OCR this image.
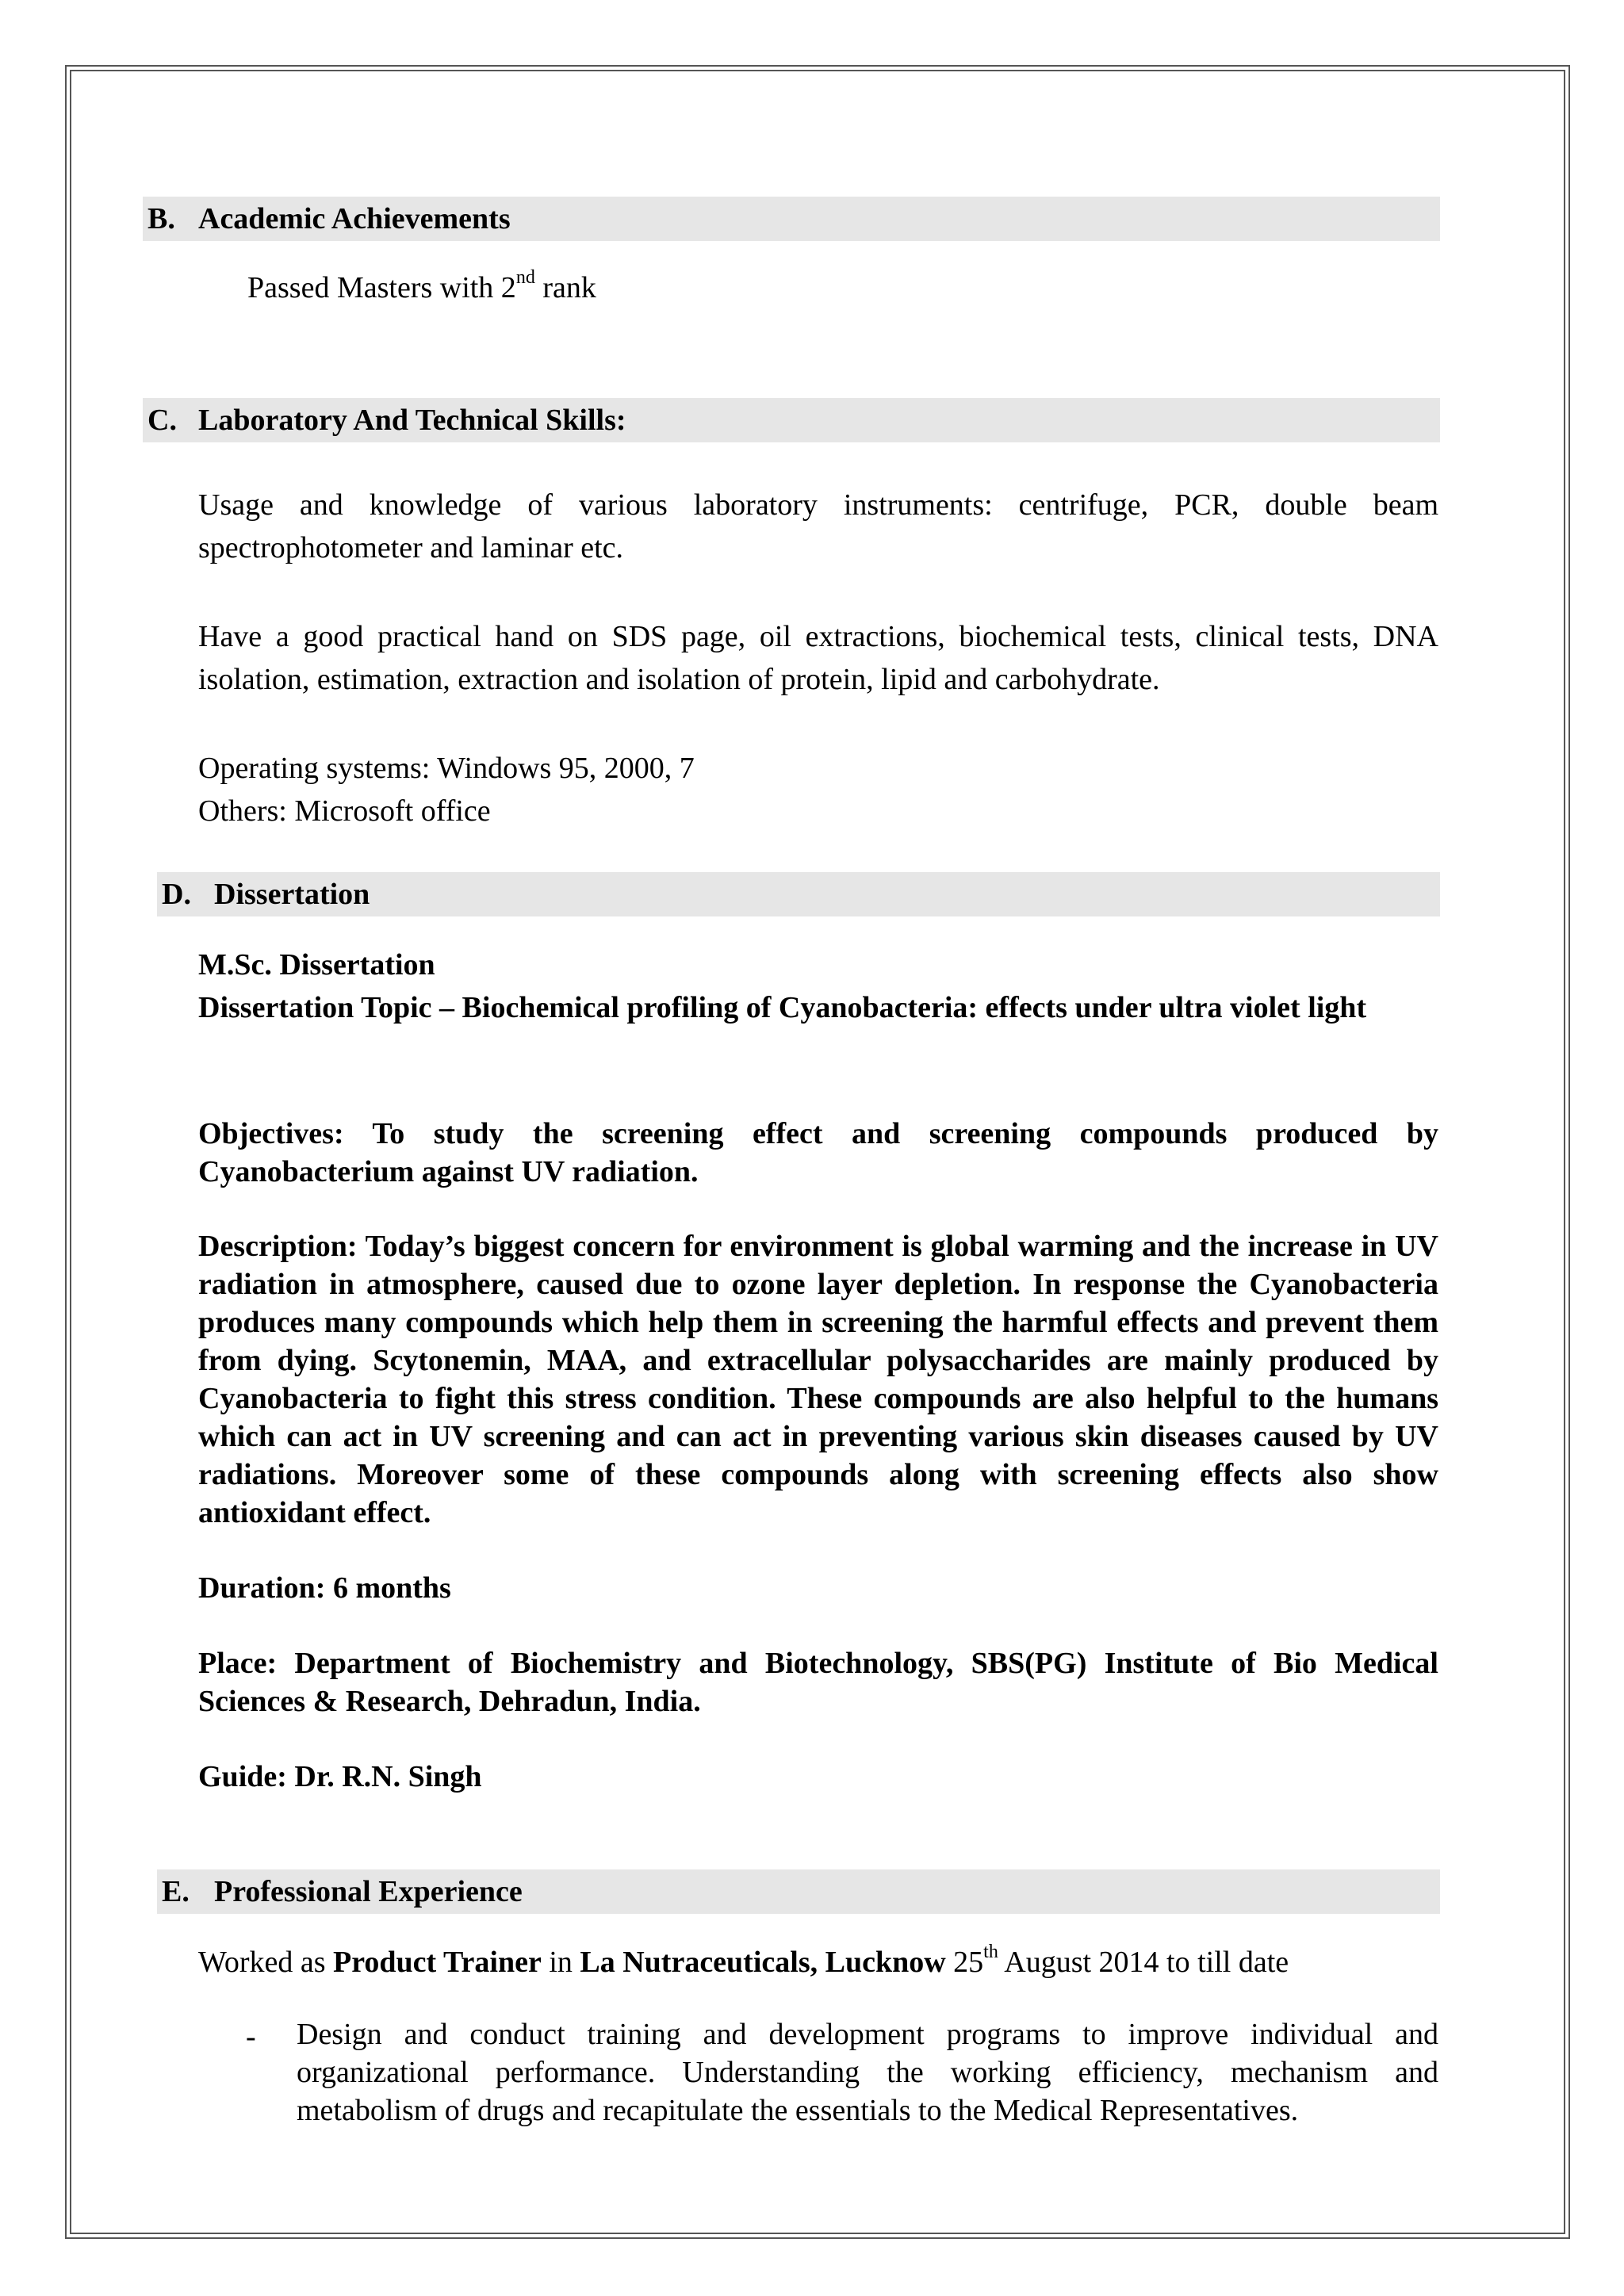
B. Academic Achievements
Passed Masters with 2nd rank
C. Laboratory And Technical Skills:
Usage and knowledge of various laboratory instruments: centrifuge, PCR, double beam spectrophotometer and laminar etc.
Have a good practical hand on SDS page, oil extractions, biochemical tests, clinical tests, DNA isolation, estimation, extraction and isolation of protein, lipid and carbohydrate.
Operating systems: Windows 95, 2000, 7
Others: Microsoft office
D. Dissertation
M.Sc. Dissertation
Dissertation Topic – Biochemical profiling of Cyanobacteria: effects under ultra violet light
Objectives: To study the screening effect and screening compounds produced by Cyanobacterium against UV radiation.
Description: Today’s biggest concern for environment is global warming and the increase in UV radiation in atmosphere, caused due to ozone layer depletion. In response the Cyanobacteria produces many compounds which help them in screening the harmful effects and prevent them from dying. Scytonemin, MAA, and extracellular polysaccharides are mainly produced by Cyanobacteria to fight this stress condition. These compounds are also helpful to the humans which can act in UV screening and can act in preventing various skin diseases caused by UV radiations. Moreover some of these compounds along with screening effects also show antioxidant effect.
Duration: 6 months
Place: Department of Biochemistry and Biotechnology, SBS(PG) Institute of Bio Medical Sciences & Research, Dehradun, India.
Guide: Dr. R.N. Singh
E. Professional Experience
Worked as Product Trainer in La Nutraceuticals, Lucknow 25th August 2014 to till date
- Design and conduct training and development programs to improve individual and organizational performance. Understanding the working efficiency, mechanism and metabolism of drugs and recapitulate the essentials to the Medical Representatives.
